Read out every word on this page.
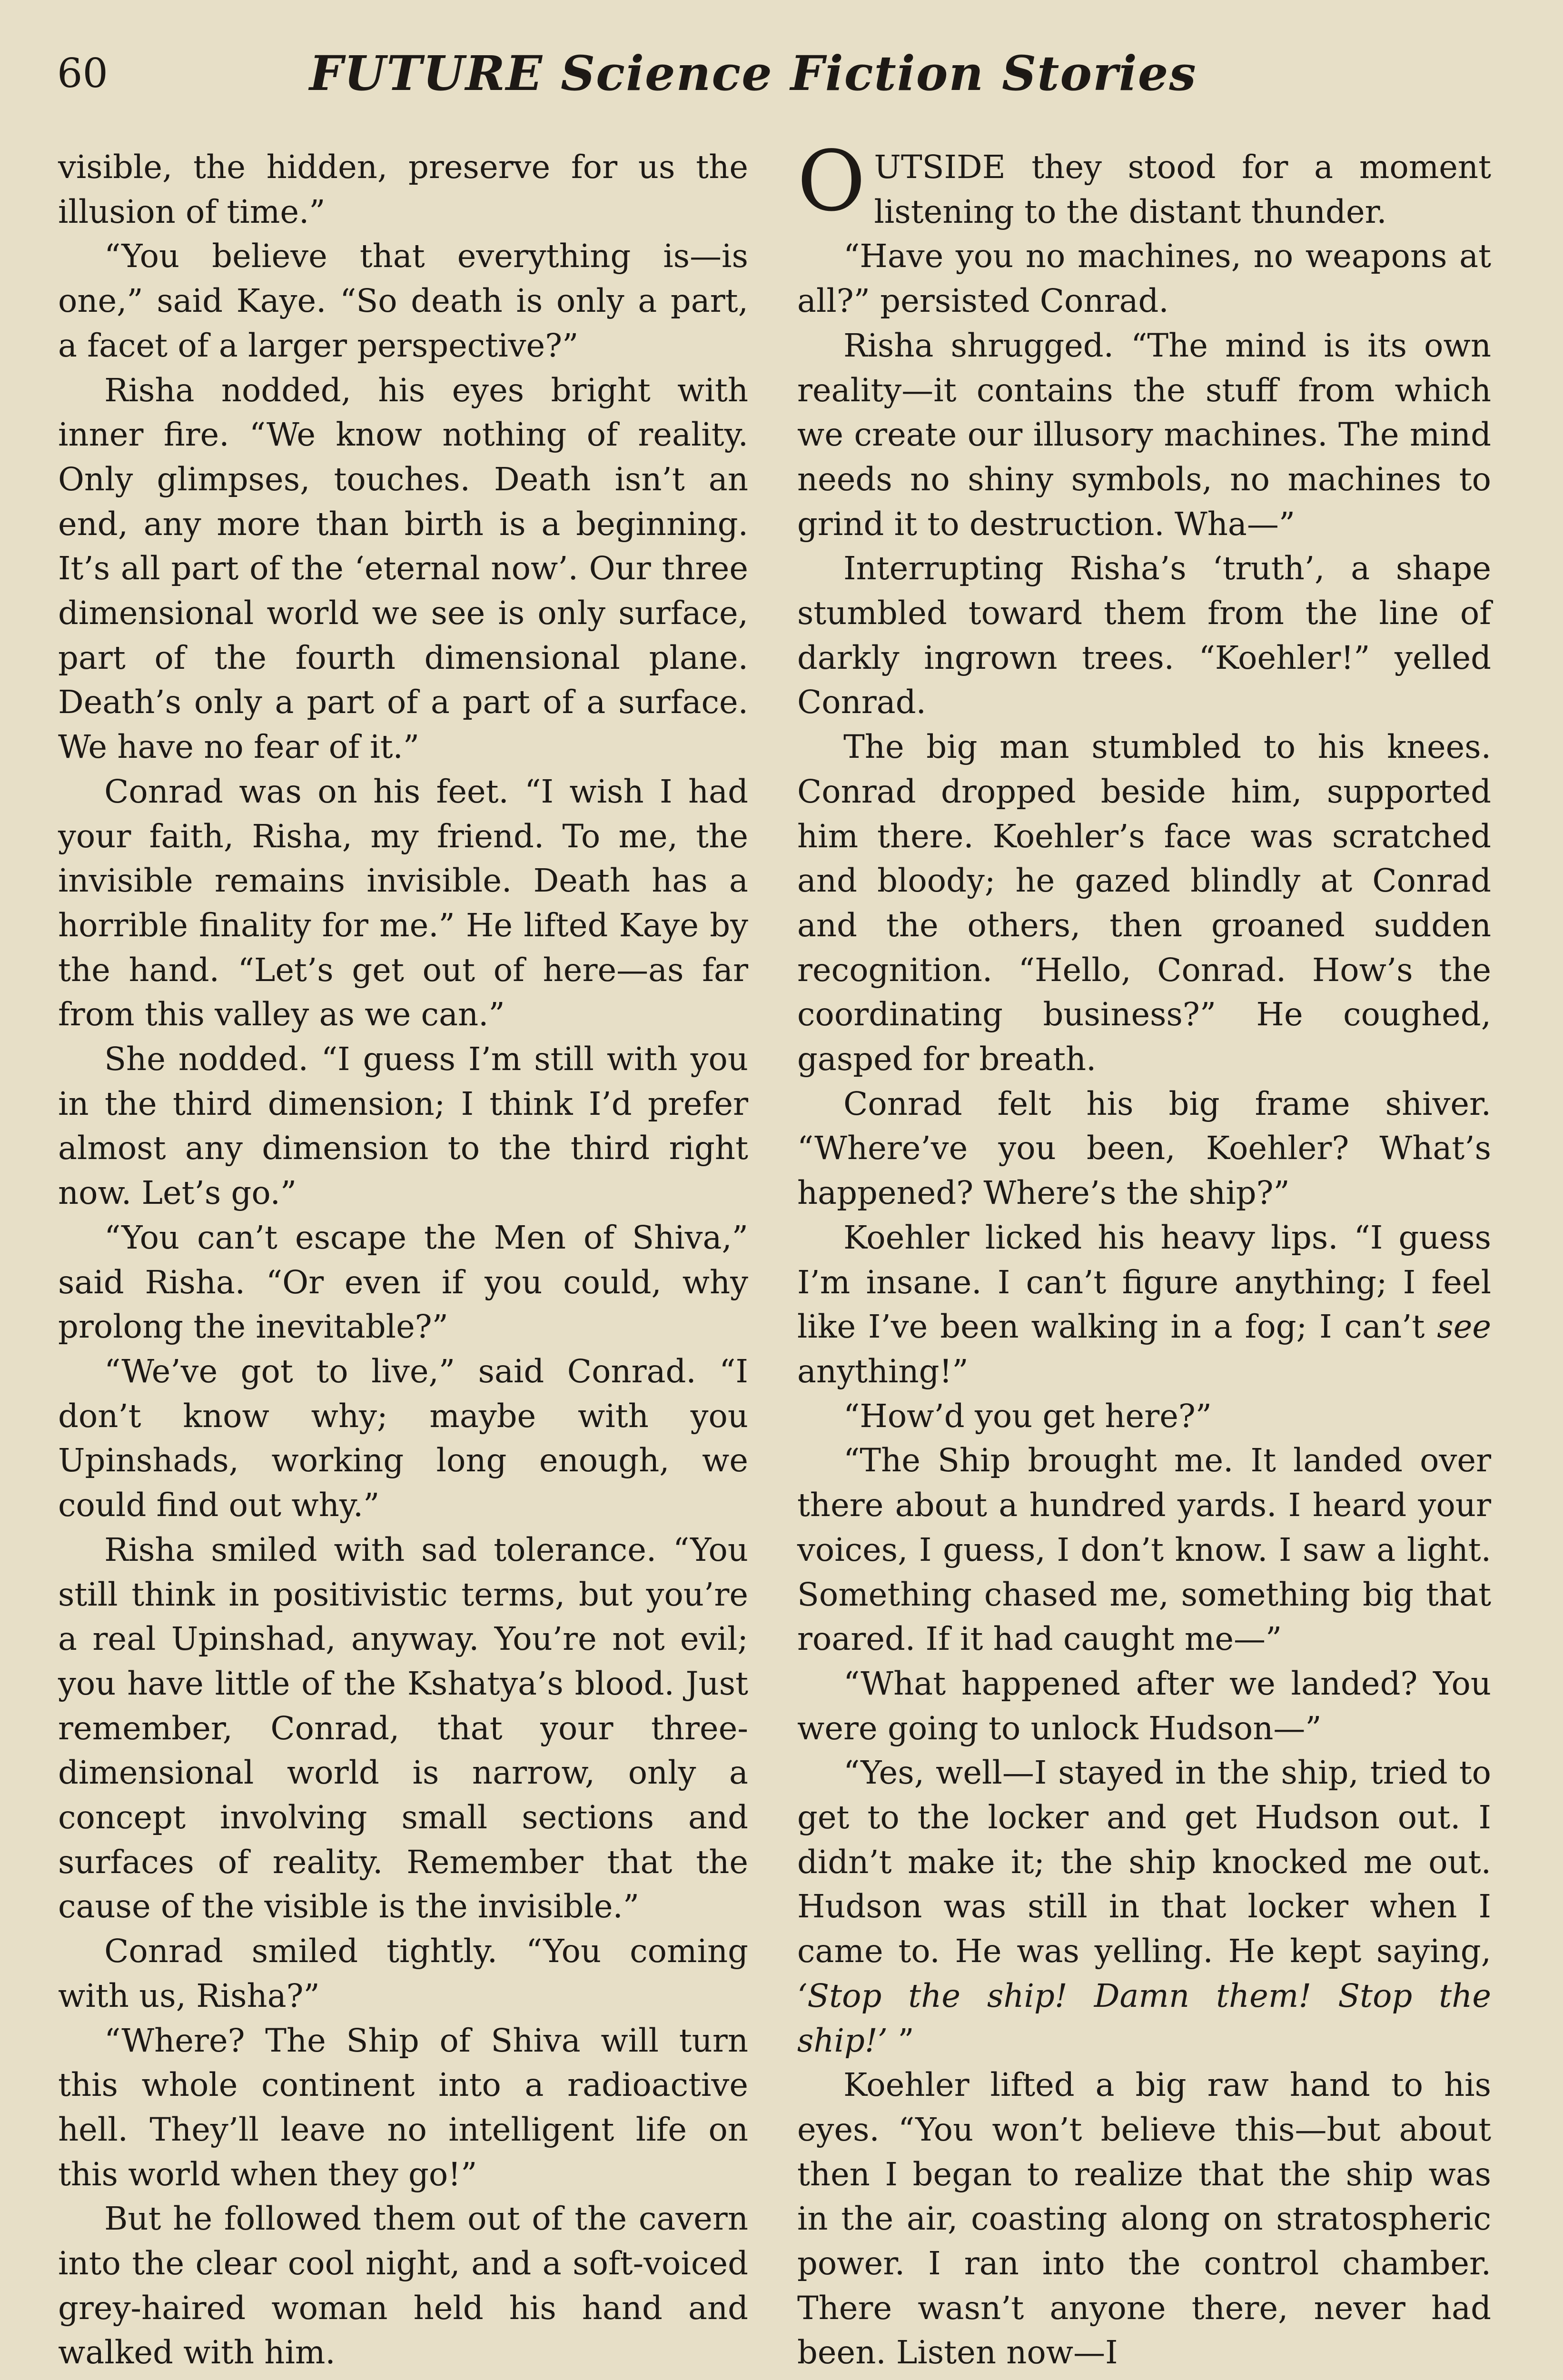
60	FUTURE Science Fiction Stories

visible, the hidden, preserve for us the illusion of time.”

“You believe that everything is—is one,” said Kaye. “So death is only a part, a facet of a larger perspective?”

Risha nodded, his eyes bright with inner fire. “We know nothing of reality. Only glimpses, touches. Death isn’t an end, any more than birth is a beginning. It’s all part of the ‘eternal now’. Our three dimensional world we see is only surface, part of the fourth dimensional plane. Death’s only a part of a part of a surface. We have no fear of it.”

Conrad was on his feet. “I wish I had your faith, Risha, my friend. To me, the invisible remains invisible. Death has a horrible finality for me.” He lifted Kaye by the hand. “Let’s get out of here—as far from this valley as we can.”

She nodded. “I guess I’m still with you in the third dimension; I think I’d prefer almost any dimension to the third right now. Let’s go.”

“You can’t escape the Men of Shiva,” said Risha. “Or even if you could, why prolong the inevitable?”

“We’ve got to live,” said Conrad. “I don’t know why; maybe with you Upinshads, working long enough, we could find out why.”

Risha smiled with sad tolerance. “You still think in positivistic terms, but you’re a real Upinshad, anyway. You’re not evil; you have little of the Kshatya’s blood. Just remember, Conrad, that your three-dimensional world is narrow, only a concept involving small sections and surfaces of reality. Remember that the cause of the visible is the invisible.”

Conrad smiled tightly. “You coming with us, Risha?”

“Where? The Ship of Shiva will turn this whole continent into a radioactive hell. They’ll leave no intelligent life on this world when they go!”

But he followed them out of the cavern into the clear cool night, and a soft-voiced grey-haired woman held his hand and walked with him.

OUTSIDE they stood for a moment listening to the distant thunder.

“Have you no machines, no weapons at all?” persisted Conrad.

Risha shrugged. “The mind is its own reality—it contains the stuff from which we create our illusory machines. The mind needs no shiny symbols, no machines to grind it to destruction. Wha—”

Interrupting Risha’s ‘truth’, a shape stumbled toward them from the line of darkly ingrown trees. “Koehler!” yelled Conrad.

The big man stumbled to his knees. Conrad dropped beside him, supported him there. Koehler’s face was scratched and bloody; he gazed blindly at Conrad and the others, then groaned sudden recognition. “Hello, Conrad. How’s the coordinating business?” He coughed, gasped for breath.

Conrad felt his big frame shiver. “Where’ve you been, Koehler? What’s happened? Where’s the ship?”

Koehler licked his heavy lips. “I guess I’m insane. I can’t figure anything; I feel like I’ve been walking in a fog; I can’t see anything!”

“How’d you get here?”

“The Ship brought me. It landed over there about a hundred yards. I heard your voices, I guess, I don’t know. I saw a light. Something chased me, something big that roared. If it had caught me—”

“What happened after we landed? You were going to unlock Hudson—”

“Yes, well—I stayed in the ship, tried to get to the locker and get Hudson out. I didn’t make it; the ship knocked me out. Hudson was still in that locker when I came to. He was yelling. He kept saying, ‘Stop the ship! Damn them! Stop the ship!’ ”

Koehler lifted a big raw hand to his eyes. “You won’t believe this—but about then I began to realize that the ship was in the air, coasting along on stratospheric power. I ran into the control chamber. There wasn’t anyone there, never had been. Listen now—I
